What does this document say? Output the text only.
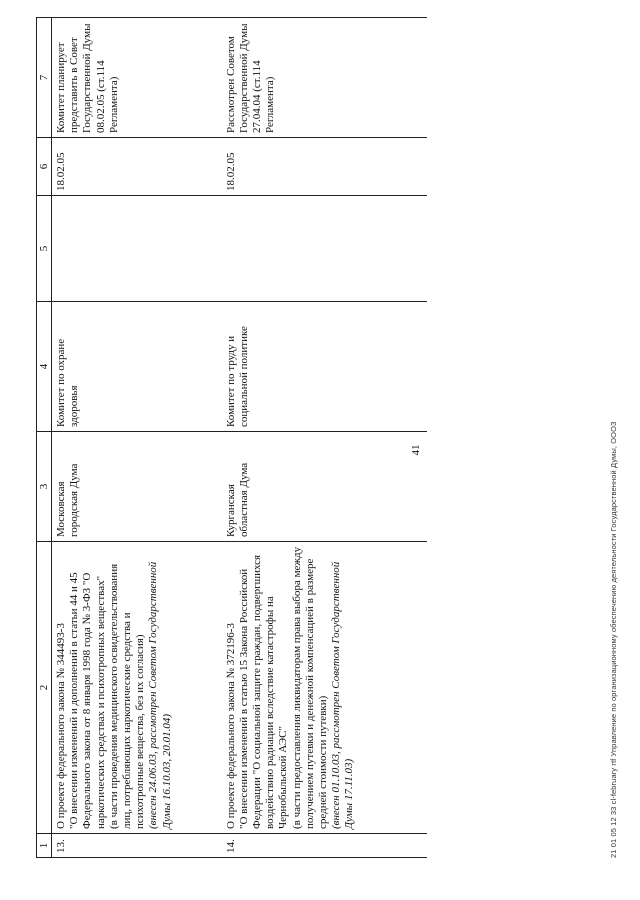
41
1	2	3	4	5	6	7
13.	О проекте федерального закона № 344493-3 "О внесении изменений и дополнений в статьи 44 и 45 Федерального закона от 8 января 1998 года № 3-ФЗ "О наркотических средствах и психотропных веществах" (в части проведения медицинского освидетельствования лиц, потребляющих наркотические средства и психотропные вещества, без их согласия) (внесен 24.06.03, рассмотрен Советом Государственной Думы 16.10.03, 20.01.04)	Московская городская Дума	Комитет по охране здоровья		18.02.05	Комитет планирует представить в Совет Государственной Думы 08.02.05 (ст.114 Регламента)
14.	О проекте федерального закона № 372196-3 "О внесении изменений в статью 15 Закона Российской Федерации "О социальной защите граждан, подвергшихся воздействию радиации вследствие катастрофы на Чернобыльской АЭС" (в части предоставления ликвидаторам права выбора между получением путевки и денежной компенсацией в размере средней стоимости путевки) (внесен 01.10.03, рассмотрен Советом Государственной Думы 17.11.03)	Курганская областная Дума	Комитет по труду и социальной политике		18.02.05	Рассмотрен Советом Государственной Думы 27.04.04 (ст.114 Регламента)
21 01 05 12 33 cl-february rtf Управление по организационному обеспечению деятельности Государственной Думы, ОООЗ
